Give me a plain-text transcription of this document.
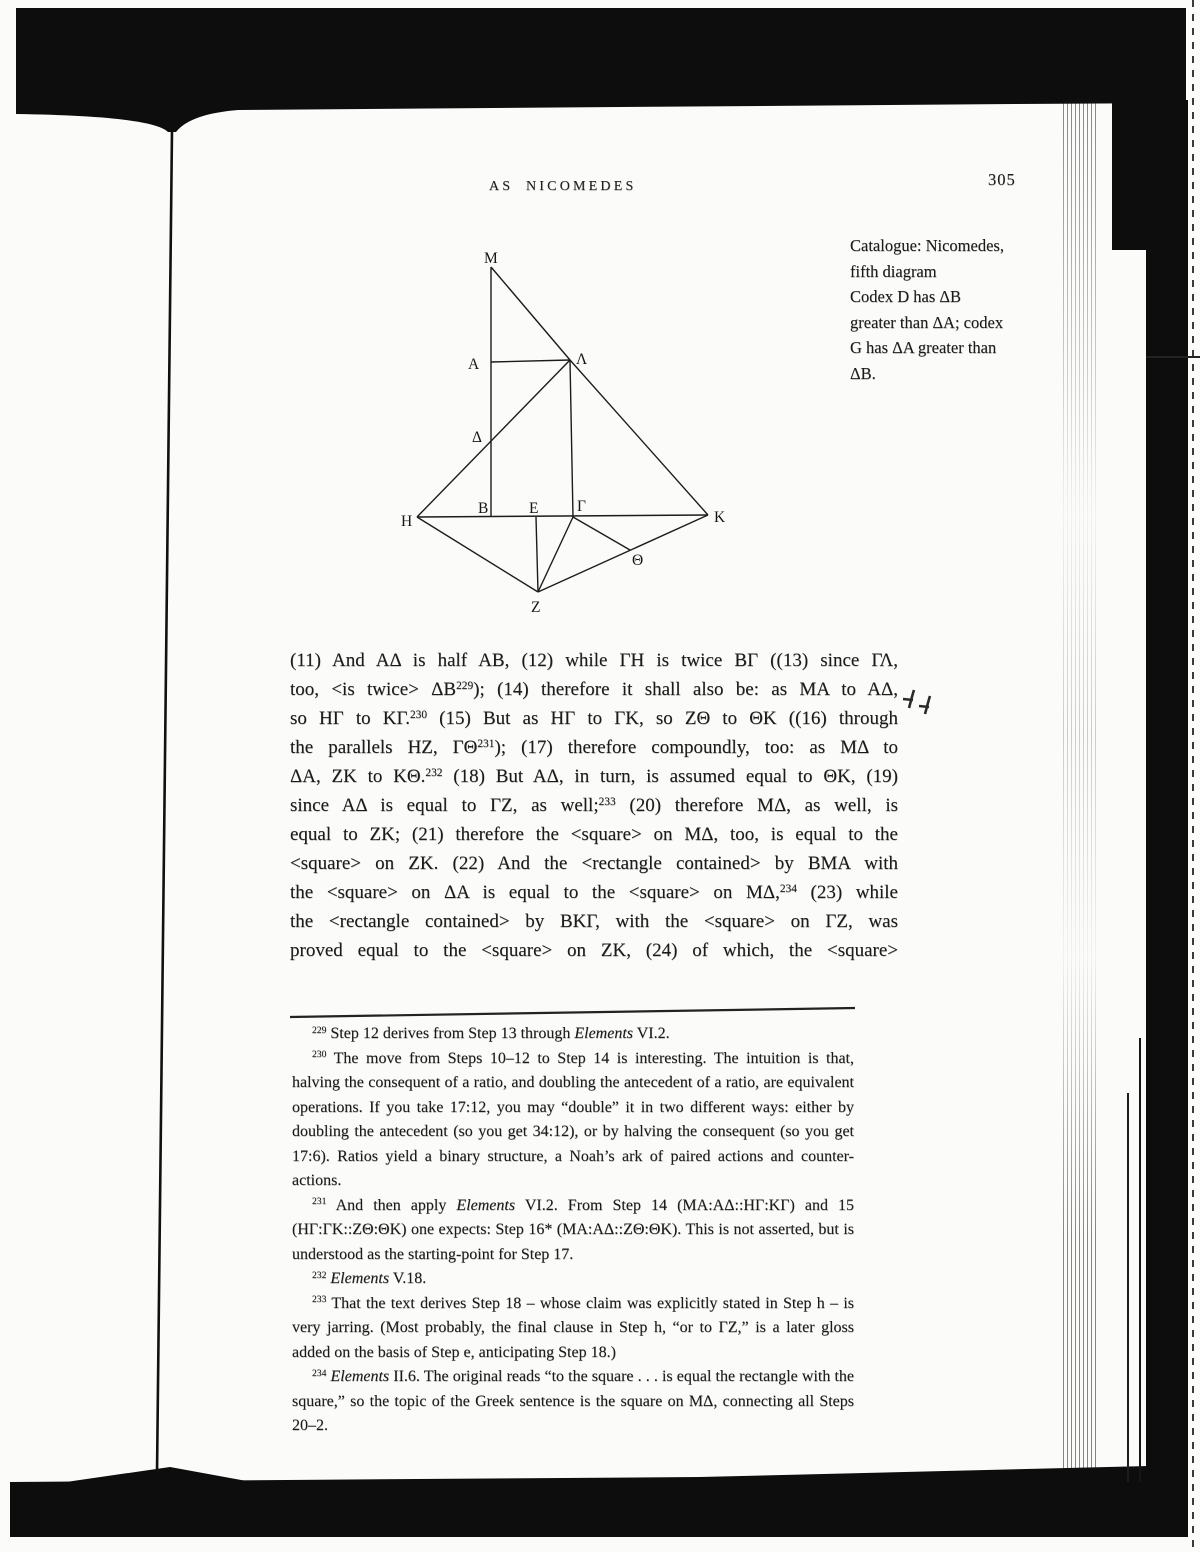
AS NICOMEDES	305
Catalogue: Nicomedes,
fifth diagram
Codex D has ΔB
greater than ΔA; codex
G has ΔA greater than
ΔB.
M
A	Λ
Δ
B	E Γ
H	K
Z
Θ
(11) And AΔ is half AB, (12) while ΓH is twice BΓ ((13) since ΓΛ,
too, <is twice> $\Delta B^{229}$); (14) therefore it shall also be: as MA to AΔ,
so HΓ to KΓ.$^{230}$ (15) But as HΓ to ΓK, so ZΘ to ΘK ((16) through
the parallels HZ, ΓΘ$^{231}$); (17) therefore compoundly, too: as MΔ to
ΔA, ZK to KΘ.$^{232}$ (18) But AΔ, in turn, is assumed equal to ΘK, (19)
since AΔ is equal to ΓZ, as well;$^{233}$ (20) therefore MΔ, as well, is
equal to ZK; (21) therefore the <square> on MΔ, too, is equal to the
<square> on ZK. (22) And the <rectangle contained> by BMA with
the <square> on ΔA is equal to the <square> on MΔ,$^{234}$ (23) while
the <rectangle contained> by BKΓ, with the <square> on ΓZ, was
proved equal to the <square> on ZK, (24) of which, the <square>

$^{229}$ Step 12 derives from Step 13 through Elements VI.2.

$^{230}$ The move from Steps 10–12 to Step 14 is interesting. The intuition is that, halving the consequent of a ratio, and doubling the antecedent of a ratio, are equivalent operations. If you take 17:12, you may “double” it in two different ways: either by doubling the antecedent (so you get 34:12), or by halving the consequent (so you get 17:6). Ratios yield a binary structure, a Noah’s ark of paired actions and counter-actions.

$^{231}$ And then apply Elements VI.2. From Step 14 (MA:AΔ::HΓ:KΓ) and 15 (HΓ:ΓK::ZΘ:ΘK) one expects: Step 16* (MA:AΔ::ZΘ:ΘK). This is not asserted, but is understood as the starting-point for Step 17.

$^{232}$ Elements V.18.

$^{233}$ That the text derives Step 18 – whose claim was explicitly stated in Step h – is very jarring. (Most probably, the final clause in Step h, “or to ΓZ,” is a later gloss added on the basis of Step e, anticipating Step 18.)

$^{234}$ Elements II.6. The original reads “to the square . . . is equal the rectangle with the square,” so the topic of the Greek sentence is the square on MΔ, connecting all Steps 20–2.
